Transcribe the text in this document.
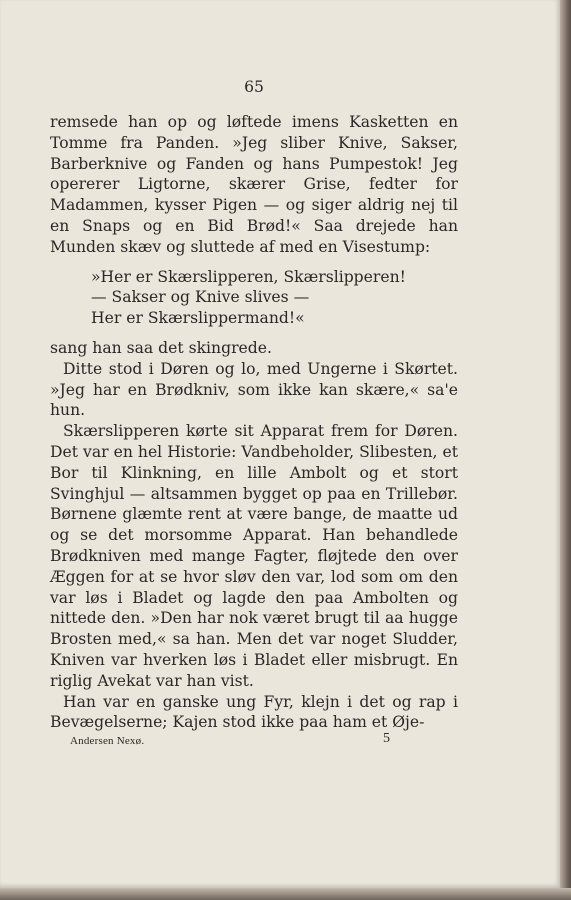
65

remsede han op og løftede imens Kasketten en Tomme fra Panden. »Jeg sliber Knive, Sakser, Barberknive og Fanden og hans Pumpestok! Jeg opererer Ligtorne, skærer Grise, fedter for Madammen, kysser Pigen — og siger aldrig nej til en Snaps og en Bid Brød!« Saa drejede han Munden skæv og sluttede af med en Visestump:

»Her er Skærslipperen, Skærslipperen!
— Sakser og Knive slives —
Her er Skærslippermand!«

sang han saa det skingrede.

Ditte stod i Døren og lo, med Ungerne i Skørtet. »Jeg har en Brødkniv, som ikke kan skære,« sa'e hun.

Skærslipperen kørte sit Apparat frem for Døren. Det var en hel Historie: Vandbeholder, Slibesten, et Bor til Klinkning, en lille Ambolt og et stort Svinghjul — altsammen bygget op paa en Trillebør. Børnene glæmte rent at være bange, de maatte ud og se det morsomme Apparat. Han behandlede Brødkniven med mange Fagter, fløjtede den over Æggen for at se hvor sløv den var, lod som om den var løs i Bladet og lagde den paa Ambolten og nittede den. »Den har nok været brugt til aa hugge Brosten med,« sa han. Men det var noget Sludder, Kniven var hverken løs i Bladet eller misbrugt. En riglig Avekat var han vist.

Han var en ganske ung Fyr, klejn i det og rap i Bevægelserne; Kajen stod ikke paa ham et Øje-

Andersen Nexø.	5
